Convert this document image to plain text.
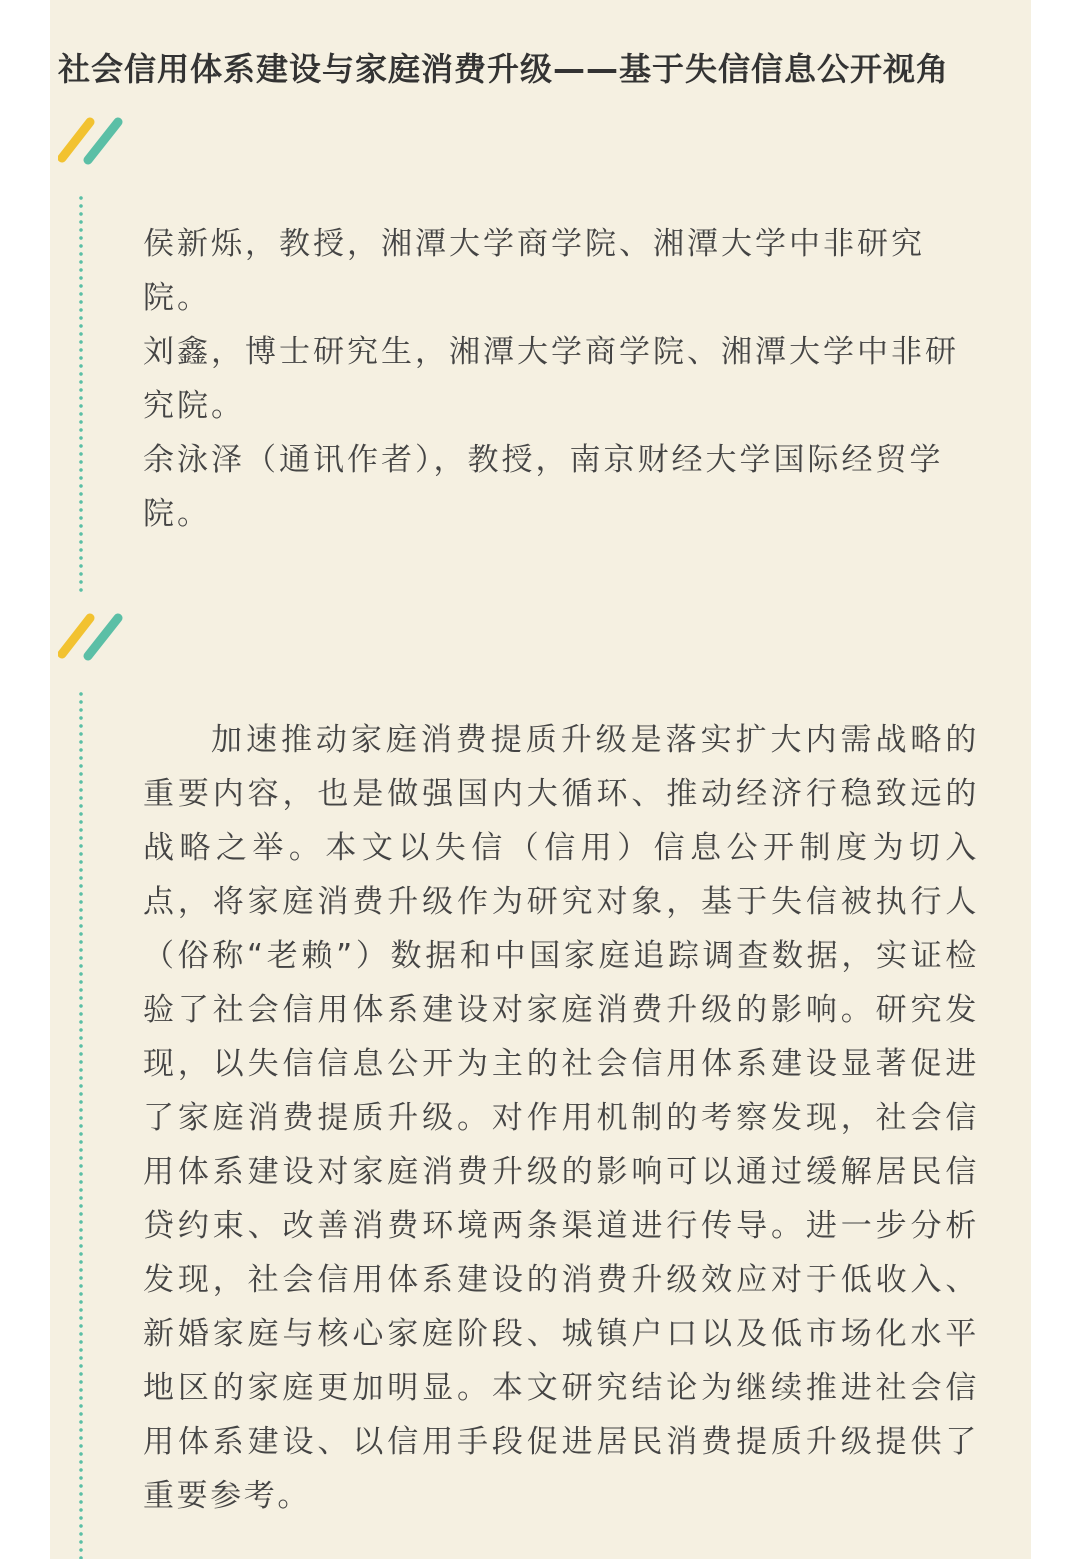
社会信用体系建设与家庭消费升级——基于失信信息公开视角

侯新烁，教授，湘潭大学商学院、湘潭大学中非研究院。

刘鑫，博士研究生，湘潭大学商学院、湘潭大学中非研究院。

余泳泽（通讯作者），教授，南京财经大学国际经贸学院。

加速推动家庭消费提质升级是落实扩大内需战略的重要内容，也是做强国内大循环、推动经济行稳致远的战略之举。本文以失信（信用）信息公开制度为切入点，将家庭消费升级作为研究对象，基于失信被执行人（俗称“老赖”）数据和中国家庭追踪调查数据，实证检验了社会信用体系建设对家庭消费升级的影响。研究发现，以失信信息公开为主的社会信用体系建设显著促进了家庭消费提质升级。对作用机制的考察发现，社会信用体系建设对家庭消费升级的影响可以通过缓解居民信贷约束、改善消费环境两条渠道进行传导。进一步分析发现，社会信用体系建设的消费升级效应对于低收入、新婚家庭与核心家庭阶段、城镇户口以及低市场化水平地区的家庭更加明显。本文研究结论为继续推进社会信用体系建设、以信用手段促进居民消费提质升级提供了重要参考。
